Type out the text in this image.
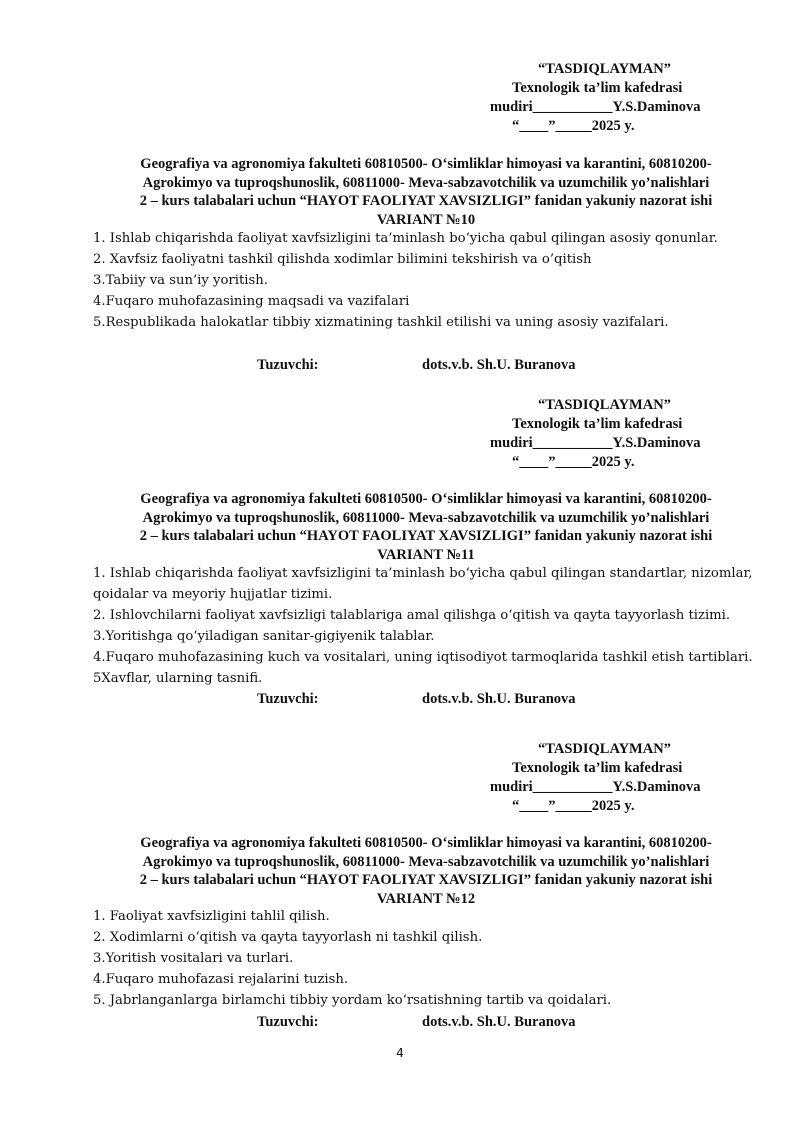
“TASDIQLAYMAN”
Texnologik ta’lim kafedrasi
mudiri___________Y.S.Daminova
“____”_____2025 y.
Geografiya va agronomiya fakulteti 60810500- O‘simliklar himoyasi va karantini, 60810200-
Agrokimyo va tuproqshunoslik, 60811000- Meva-sabzavotchilik va uzumchilik yo’nalishlari
2 – kurs talabalari uchun “HAYOT FAOLIYAT XAVSIZLIGI” fanidan yakuniy nazorat ishi
VARIANT №10
1. Ishlab chiqarishda faoliyat xavfsizligini ta’minlash bo‘yicha qabul qilingan asosiy qonunlar.
2. Xavfsiz faoliyatni tashkil qilishda xodimlar bilimini tekshirish va o’qitish
3.Tabiiy va sun’iy yoritish.
4.Fuqaro muhofazasining maqsadi va vazifalari
5.Respublikada halokatlar tibbiy xizmatining tashkil etilishi va uning asosiy vazifalari.
Tuzuvchi:	dots.v.b. Sh.U. Buranova
“TASDIQLAYMAN”
Texnologik ta’lim kafedrasi
mudiri___________Y.S.Daminova
“____”_____2025 y.
Geografiya va agronomiya fakulteti 60810500- O‘simliklar himoyasi va karantini, 60810200-
Agrokimyo va tuproqshunoslik, 60811000- Meva-sabzavotchilik va uzumchilik yo’nalishlari
2 – kurs talabalari uchun “HAYOT FAOLIYAT XAVSIZLIGI” fanidan yakuniy nazorat ishi
VARIANT №11
1. Ishlab chiqarishda faoliyat xavfsizligini ta’minlash bo‘yicha qabul qilingan standartlar, nizomlar, qoidalar va meyoriy hujjatlar tizimi.
2. Ishlovchilarni faoliyat xavfsizligi talablariga amal qilishga o‘qitish va qayta tayyorlash tizimi.
3.Yoritishga qo‘yiladigan sanitar-gigiyenik talablar.
4.Fuqaro muhofazasining kuch va vositalari, uning iqtisodiyot tarmoqlarida tashkil etish tartiblari.
5Xavflar, ularning tasnifi.
Tuzuvchi:	dots.v.b. Sh.U. Buranova
“TASDIQLAYMAN”
Texnologik ta’lim kafedrasi
mudiri___________Y.S.Daminova
“____”_____2025 y.
Geografiya va agronomiya fakulteti 60810500- O‘simliklar himoyasi va karantini, 60810200-
Agrokimyo va tuproqshunoslik, 60811000- Meva-sabzavotchilik va uzumchilik yo’nalishlari
2 – kurs talabalari uchun “HAYOT FAOLIYAT XAVSIZLIGI” fanidan yakuniy nazorat ishi
VARIANT №12
1. Faoliyat xavfsizligini tahlil qilish.
2. Xodimlarni o‘qitish va qayta tayyorlash ni tashkil qilish.
3.Yoritish vositalari va turlari.
4.Fuqaro muhofazasi rejalarini tuzish.
5. Jabrlanganlarga birlamchi tibbiy yordam ko‘rsatishning tartib va qoidalari.
Tuzuvchi:	dots.v.b. Sh.U. Buranova
4
